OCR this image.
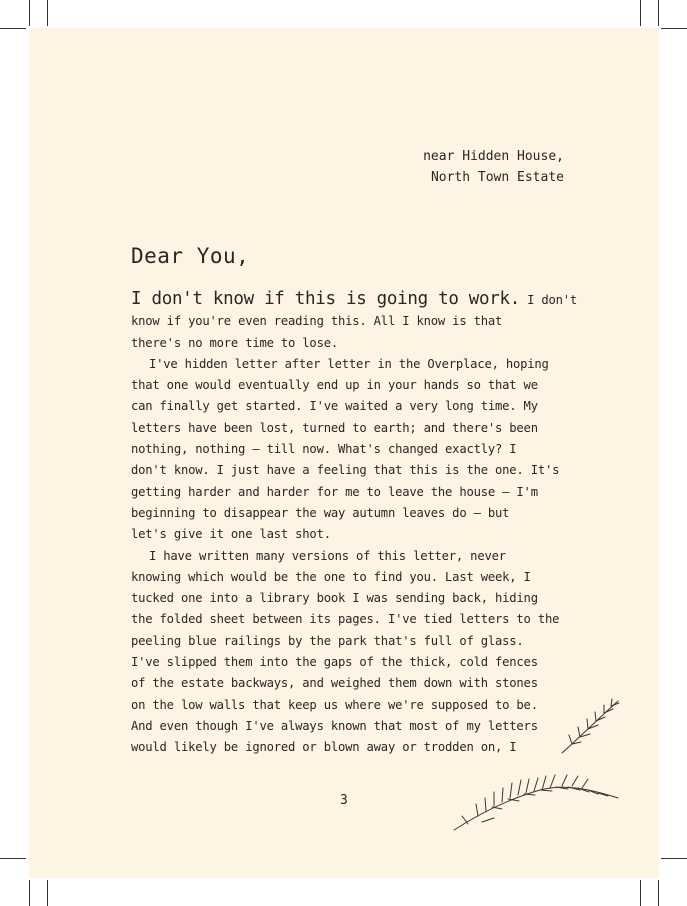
near Hidden House,
North Town Estate
Dear You,

I don't know if this is going to work. I don't
know if you're even reading this. All I know is that
there's no more time to lose.

I've hidden letter after letter in the Overplace, hoping
that one would eventually end up in your hands so that we
can finally get started. I've waited a very long time. My
letters have been lost, turned to earth; and there's been
nothing, nothing – till now. What's changed exactly? I
don't know. I just have a feeling that this is the one. It's
getting harder and harder for me to leave the house – I'm
beginning to disappear the way autumn leaves do – but
let's give it one last shot.

I have written many versions of this letter, never
knowing which would be the one to find you. Last week, I
tucked one into a library book I was sending back, hiding
the folded sheet between its pages. I've tied letters to the
peeling blue railings by the park that's full of glass.
I've slipped them into the gaps of the thick, cold fences
of the estate backways, and weighed them down with stones
on the low walls that keep us where we're supposed to be.
And even though I've always known that most of my letters
would likely be ignored or blown away or trodden on, I

3
